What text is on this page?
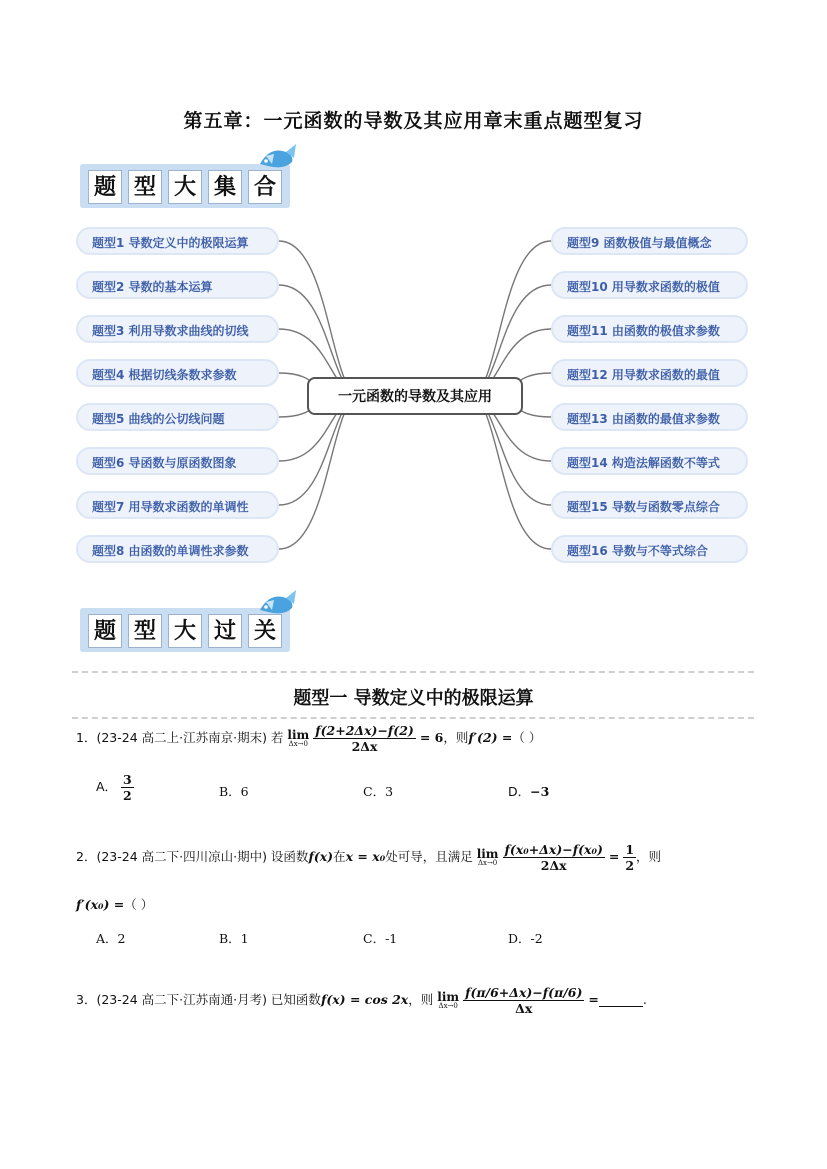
第五章：一元函数的导数及其应用章末重点题型复习
题 型 大 集 合
题型1 导数定义中的极限运算
题型2 导数的基本运算
题型3 利用导数求曲线的切线
题型4 根据切线条数求参数
题型5 曲线的公切线问题
题型6 导函数与原函数图象
题型7 用导数求函数的单调性
题型8 由函数的单调性求参数
题型9 函数极值与最值概念
题型10 用导数求函数的极值
题型11 由函数的极值求参数
题型12 用导数求函数的最值
题型13 由函数的最值求参数
题型14 构造法解函数不等式
题型15 导数与函数零点综合
题型16 导数与不等式综合
一元函数的导数及其应用
题 型 大 过 关
题型一 导数定义中的极限运算
1．(23-24 高二上·江苏南京·期末) 若 lim
Δx→0
$\frac{f(2+2\Delta x)-f(2)}{2\Delta x} = 6$，则f′(2) =（ ）
A． $\frac{3}{2}$	B．6	C．3	D．−3
2．(23-24 高二下·四川凉山·期中) 设函数f(x)在x = x₀处可导，且满足 lim
Δx→0
$\frac{\text{f(x₀+Δx)−f(x₀)}}{2\Delta x} = \frac{1}{2}$ ，则
f′(x₀) =（ ）
A．2	B．1	C．-1	D．-2
3．(23-24 高二下·江苏南通·月考) 已知函数f(x) = cos 2x，则 lim
Δx→0
$\frac{f(\pi/6+\Delta x)-f(\pi/6)}{\Delta x}$ =	.
